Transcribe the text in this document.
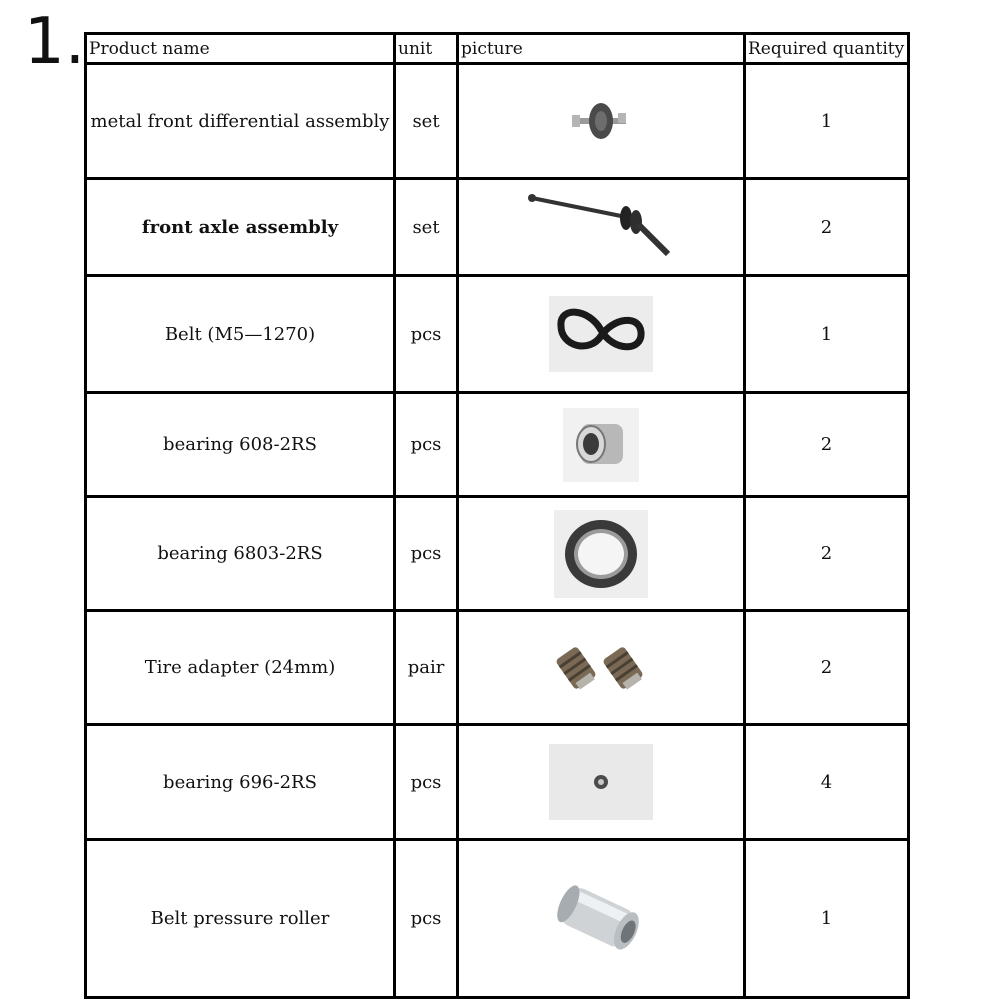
1. Product name	unit	picture	Required quantity
metal front differential assembly	set		1
front axle assembly	set		2
Belt (M5—1270)	pcs		1
bearing 608-2RS	pcs		2
bearing 6803-2RS	pcs		2
Tire adapter (24mm)	pair		2
bearing 696-2RS	pcs		4
Belt pressure roller	pcs		1
